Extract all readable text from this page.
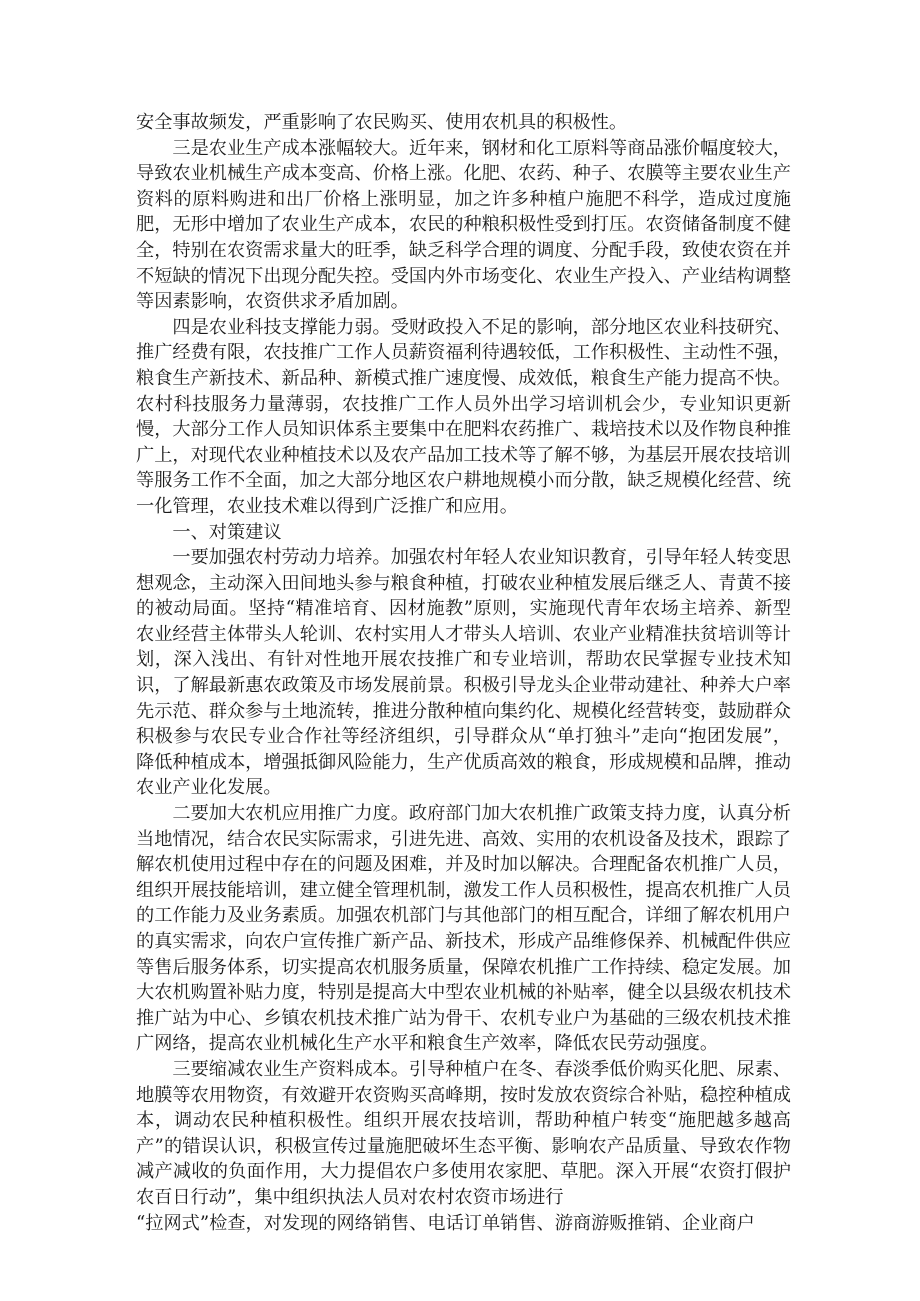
安全事故频发，严重影响了农民购买、使用农机具的积极性。

三是农业生产成本涨幅较大。近年来，钢材和化工原料等商品涨价幅度较大，导致农业机械生产成本变高、价格上涨。化肥、农药、种子、农膜等主要农业生产资料的原料购进和出厂价格上涨明显，加之许多种植户施肥不科学，造成过度施肥，无形中增加了农业生产成本，农民的种粮积极性受到打压。农资储备制度不健全，特别在农资需求量大的旺季，缺乏科学合理的调度、分配手段，致使农资在并不短缺的情况下出现分配失控。受国内外市场变化、农业生产投入、产业结构调整等因素影响，农资供求矛盾加剧。

四是农业科技支撑能力弱。受财政投入不足的影响，部分地区农业科技研究、推广经费有限，农技推广工作人员薪资福利待遇较低，工作积极性、主动性不强，粮食生产新技术、新品种、新模式推广速度慢、成效低，粮食生产能力提高不快。农村科技服务力量薄弱，农技推广工作人员外出学习培训机会少，专业知识更新慢，大部分工作人员知识体系主要集中在肥料农药推广、栽培技术以及作物良种推广上，对现代农业种植技术以及农产品加工技术等了解不够，为基层开展农技培训等服务工作不全面，加之大部分地区农户耕地规模小而分散，缺乏规模化经营、统一化管理，农业技术难以得到广泛推广和应用。

一、对策建议

一要加强农村劳动力培养。加强农村年轻人农业知识教育，引导年轻人转变思想观念，主动深入田间地头参与粮食种植，打破农业种植发展后继乏人、青黄不接的被动局面。坚持“精准培育、因材施教”原则，实施现代青年农场主培养、新型农业经营主体带头人轮训、农村实用人才带头人培训、农业产业精准扶贫培训等计划，深入浅出、有针对性地开展农技推广和专业培训，帮助农民掌握专业技术知识，了解最新惠农政策及市场发展前景。积极引导龙头企业带动建社、种养大户率先示范、群众参与土地流转，推进分散种植向集约化、规模化经营转变，鼓励群众积极参与农民专业合作社等经济组织，引导群众从“单打独斗”走向“抱团发展”，降低种植成本，增强抵御风险能力，生产优质高效的粮食，形成规模和品牌，推动农业产业化发展。

二要加大农机应用推广力度。政府部门加大农机推广政策支持力度，认真分析当地情况，结合农民实际需求，引进先进、高效、实用的农机设备及技术，跟踪了解农机使用过程中存在的问题及困难，并及时加以解决。合理配备农机推广人员，组织开展技能培训，建立健全管理机制，激发工作人员积极性，提高农机推广人员的工作能力及业务素质。加强农机部门与其他部门的相互配合，详细了解农机用户的真实需求，向农户宣传推广新产品、新技术，形成产品维修保养、机械配件供应等售后服务体系，切实提高农机服务质量，保障农机推广工作持续、稳定发展。加大农机购置补贴力度，特别是提高大中型农业机械的补贴率，健全以县级农机技术推广站为中心、乡镇农机技术推广站为骨干、农机专业户为基础的三级农机技术推广网络，提高农业机械化生产水平和粮食生产效率，降低农民劳动强度。

三要缩减农业生产资料成本。引导种植户在冬、春淡季低价购买化肥、尿素、地膜等农用物资，有效避开农资购买高峰期，按时发放农资综合补贴，稳控种植成本，调动农民种植积极性。组织开展农技培训，帮助种植户转变“施肥越多越高产”的错误认识，积极宣传过量施肥破坏生态平衡、影响农产品质量、导致农作物减产减收的负面作用，大力提倡农户多使用农家肥、草肥。深入开展“农资打假护农百日行动”，集中组织执法人员对农村农资市场进行

“拉网式”检查，对发现的网络销售、电话订单销售、游商游贩推销、企业商户
